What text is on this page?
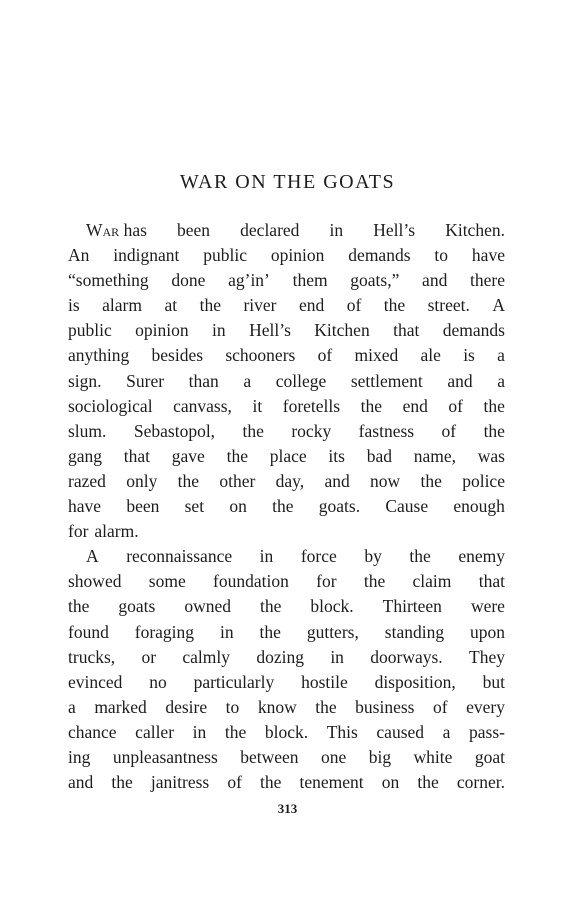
WAR ON THE GOATS
War has been declared in Hell’s Kitchen.
An indignant public opinion demands to have
“something done ag’in’ them goats,” and there
is alarm at the river end of the street. A
public opinion in Hell’s Kitchen that demands
anything besides schooners of mixed ale is a
sign. Surer than a college settlement and a
sociological canvass, it foretells the end of the
slum. Sebastopol, the rocky fastness of the
gang that gave the place its bad name, was
razed only the other day, and now the police
have been set on the goats. Cause enough
for alarm.
A reconnaissance in force by the enemy
showed some foundation for the claim that
the goats owned the block. Thirteen were
found foraging in the gutters, standing upon
trucks, or calmly dozing in doorways. They
evinced no particularly hostile disposition, but
a marked desire to know the business of every
chance caller in the block. This caused a pass-
ing unpleasantness between one big white goat
and the janitress of the tenement on the corner.
313
